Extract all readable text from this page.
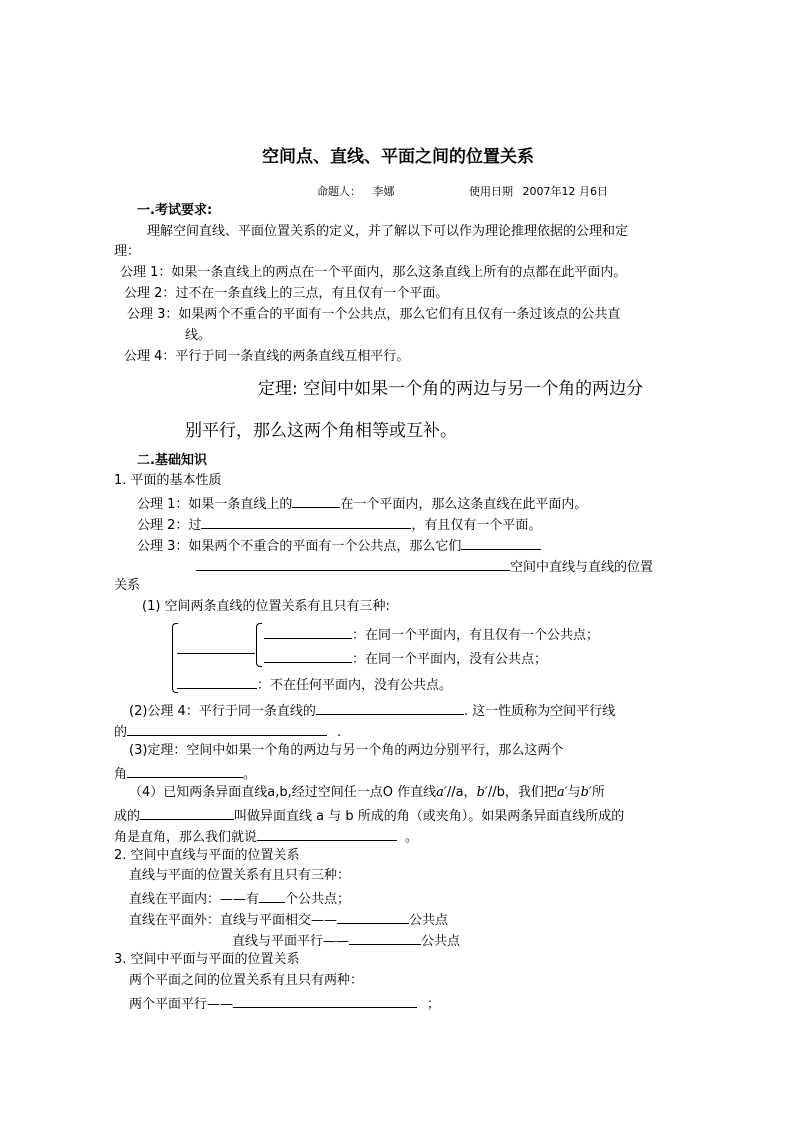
空间点、直线、平面之间的位置关系
命题人： 李娜	使用日期 2007年12 月6日
一.考试要求:
理解空间直线、平面位置关系的定义，并了解以下可以作为理论推理依据的公理和定
理：
公理 1：如果一条直线上的两点在一个平面内，那么这条直线上所有的点都在此平面内。
公理 2：过不在一条直线上的三点，有且仅有一个平面。
公理 3：如果两个不重合的平面有一个公共点，那么它们有且仅有一条过该点的公共直
线。
公理 4：平行于同一条直线的两条直线互相平行。
定理: 空间中如果一个角的两边与另一个角的两边分
别平行，那么这两个角相等或互补。
二.基础知识
1. 平面的基本性质
公理 1：如果一条直线上的	在一个平面内，那么这条直线在此平面内。
公理 2：过	，有且仅有一个平面。
公理 3：如果两个不重合的平面有一个公共点，那么它们
空间中直线与直线的位置
关系
(1) 空间两条直线的位置关系有且只有三种:
：在同一个平面内，有且仅有一个公共点；
：在同一个平面内，没有公共点；
：不在任何平面内，没有公共点。
(2)公理 4：平行于同一条直线的	. 这一性质称为空间平行线
的	.
(3)定理：空间中如果一个角的两边与另一个角的两边分别平行，那么这两个
角	。
（4）已知两条异面直线a,b,经过空间任一点O 作直线a′//a，b′//b，我们把a′与b′所
成的	叫做异面直线 a 与 b 所成的角（或夹角）。如果两条异面直线所成的
角是直角，那么我们就说	。
2. 空间中直线与平面的位置关系
直线与平面的位置关系有且只有三种：
直线在平面内：——有 个公共点；
直线在平面外：直线与平面相交——	公共点
直线与平面平行——	公共点
3. 空间中平面与平面的位置关系
两个平面之间的位置关系有且只有两种：
两个平面平行——	；
